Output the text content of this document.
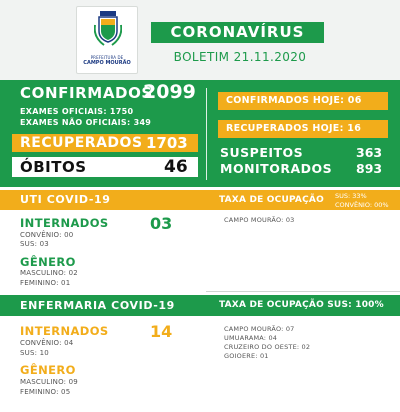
PREFEITURA DE
CAMPO MOURÃO
CORONAVÍRUS
BOLETIM 21.11.2020
CONFIRMADOS
2099
EXAMES OFICIAIS: 1750
EXAMES NÃO OFICIAIS: 349
RECUPERADOS 1703
ÓBITOS	46
CONFIRMADOS HOJE: 06
RECUPERADOS HOJE: 16
SUSPEITOS	363
MONITORADOS 893
UTI COVID-19	TAXA DE OCUPAÇÃO SUS: 33%
CONVÊNIO: 00%
INTERNADOS	03
CONVÊNIO: 00
SUS: 03
GÊNERO
MASCULINO: 02
FEMININO: 01
CAMPO MOURÃO: 03
ENFERMARIA COVID-19	TAXA DE OCUPAÇÃO SUS: 100%
INTERNADOS	14
CONVÊNIO: 04
SUS: 10
GÊNERO
MASCULINO: 09
FEMININO: 05
CAMPO MOURÃO: 07
UMUARAMA: 04
CRUZEIRO DO OESTE: 02
GOIOERE: 01
